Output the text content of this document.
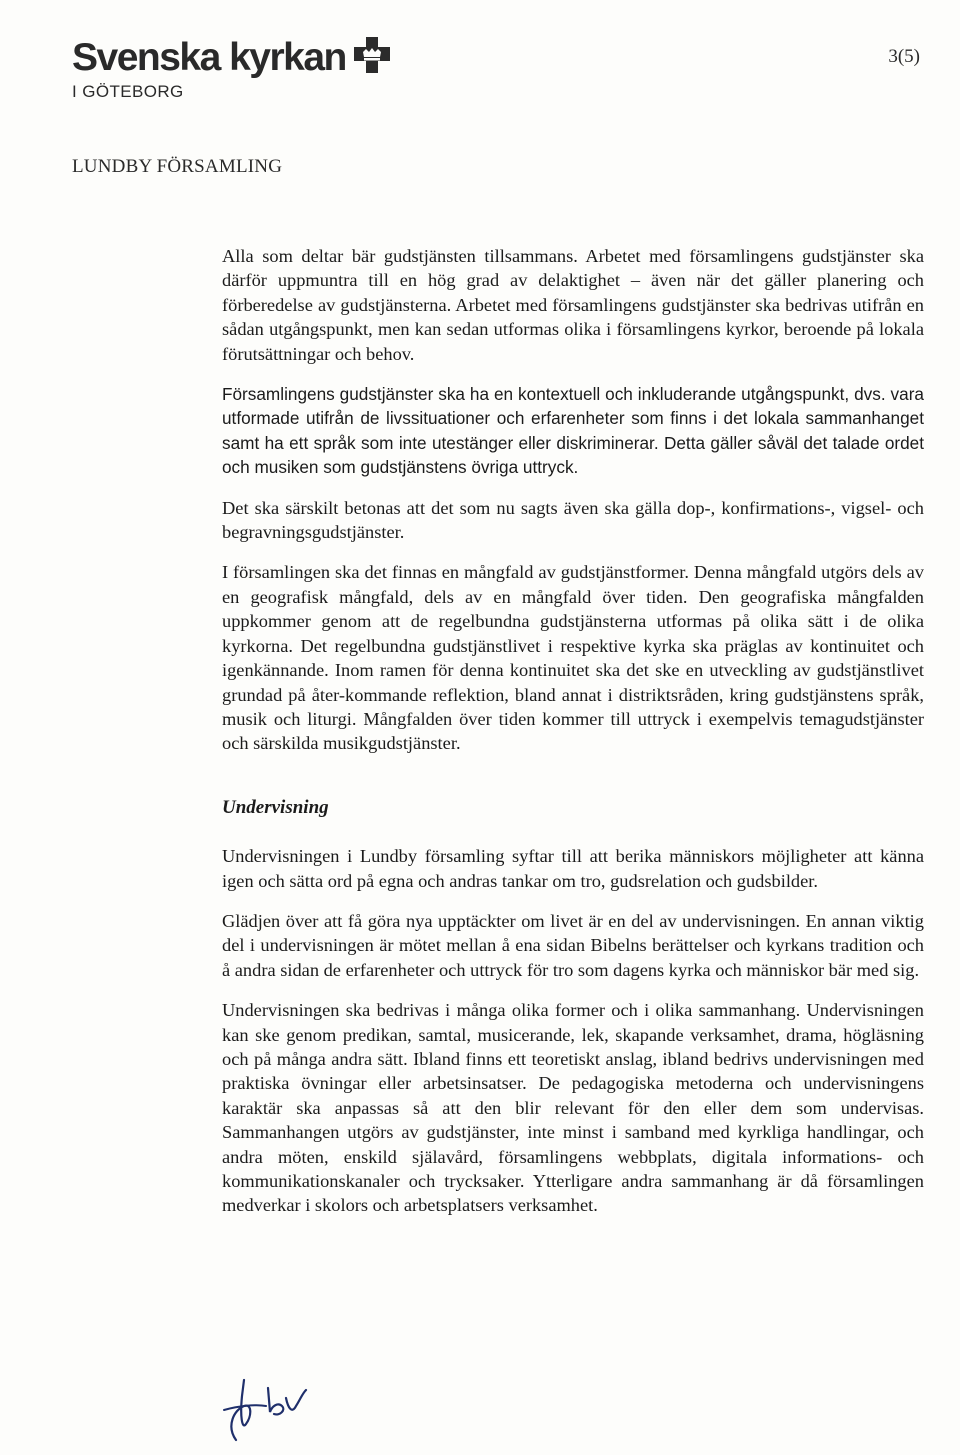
Svenska kyrkan
I GÖTEBORG
3(5)
LUNDBY FÖRSAMLING

Alla som deltar bär gudstjänsten tillsammans. Arbetet med församlingens gudstjänster ska därför uppmuntra till en hög grad av delaktighet – även när det gäller planering och förberedelse av gudstjänsterna. Arbetet med församlingens gudstjänster ska bedrivas utifrån en sådan utgångspunkt, men kan sedan utformas olika i församlingens kyrkor, beroende på lokala förutsättningar och behov.

Församlingens gudstjänster ska ha en kontextuell och inkluderande utgångspunkt, dvs. vara utformade utifrån de livssituationer och erfarenheter som finns i det lokala sammanhanget samt ha ett språk som inte utestänger eller diskriminerar. Detta gäller såväl det talade ordet och musiken som gudstjänstens övriga uttryck.

Det ska särskilt betonas att det som nu sagts även ska gälla dop-, konfirmations-, vigsel- och begravningsgudstjänster.

I församlingen ska det finnas en mångfald av gudstjänstformer. Denna mångfald utgörs dels av en geografisk mångfald, dels av en mångfald över tiden. Den geografiska mångfalden uppkommer genom att de regelbundna gudstjänsterna utformas på olika sätt i de olika kyrkorna. Det regelbundna gudstjänstlivet i respektive kyrka ska präglas av kontinuitet och igenkännande. Inom ramen för denna kontinuitet ska det ske en utveckling av gudstjänstlivet grundad på åter-kommande reflektion, bland annat i distriktsråden, kring gudstjänstens språk, musik och liturgi. Mångfalden över tiden kommer till uttryck i exempelvis temagudstjänster och särskilda musikgudstjänster.

Undervisning

Undervisningen i Lundby församling syftar till att berika människors möjligheter att känna igen och sätta ord på egna och andras tankar om tro, gudsrelation och gudsbilder.

Glädjen över att få göra nya upptäckter om livet är en del av undervisningen. En annan viktig del i undervisningen är mötet mellan å ena sidan Bibelns berättelser och kyrkans tradition och å andra sidan de erfarenheter och uttryck för tro som dagens kyrka och människor bär med sig.

Undervisningen ska bedrivas i många olika former och i olika sammanhang. Undervisningen kan ske genom predikan, samtal, musicerande, lek, skapande verksamhet, drama, högläsning och på många andra sätt. Ibland finns ett teoretiskt anslag, ibland bedrivs undervisningen med praktiska övningar eller arbetsinsatser. De pedagogiska metoderna och undervisningens karaktär ska anpassas så att den blir relevant för den eller dem som undervisas. Sammanhangen utgörs av gudstjänster, inte minst i samband med kyrkliga handlingar, och andra möten, enskild själavård, församlingens webbplats, digitala informations- och kommunikationskanaler och trycksaker. Ytterligare andra sammanhang är då församlingen medverkar i skolors och arbetsplatsers verksamhet.
